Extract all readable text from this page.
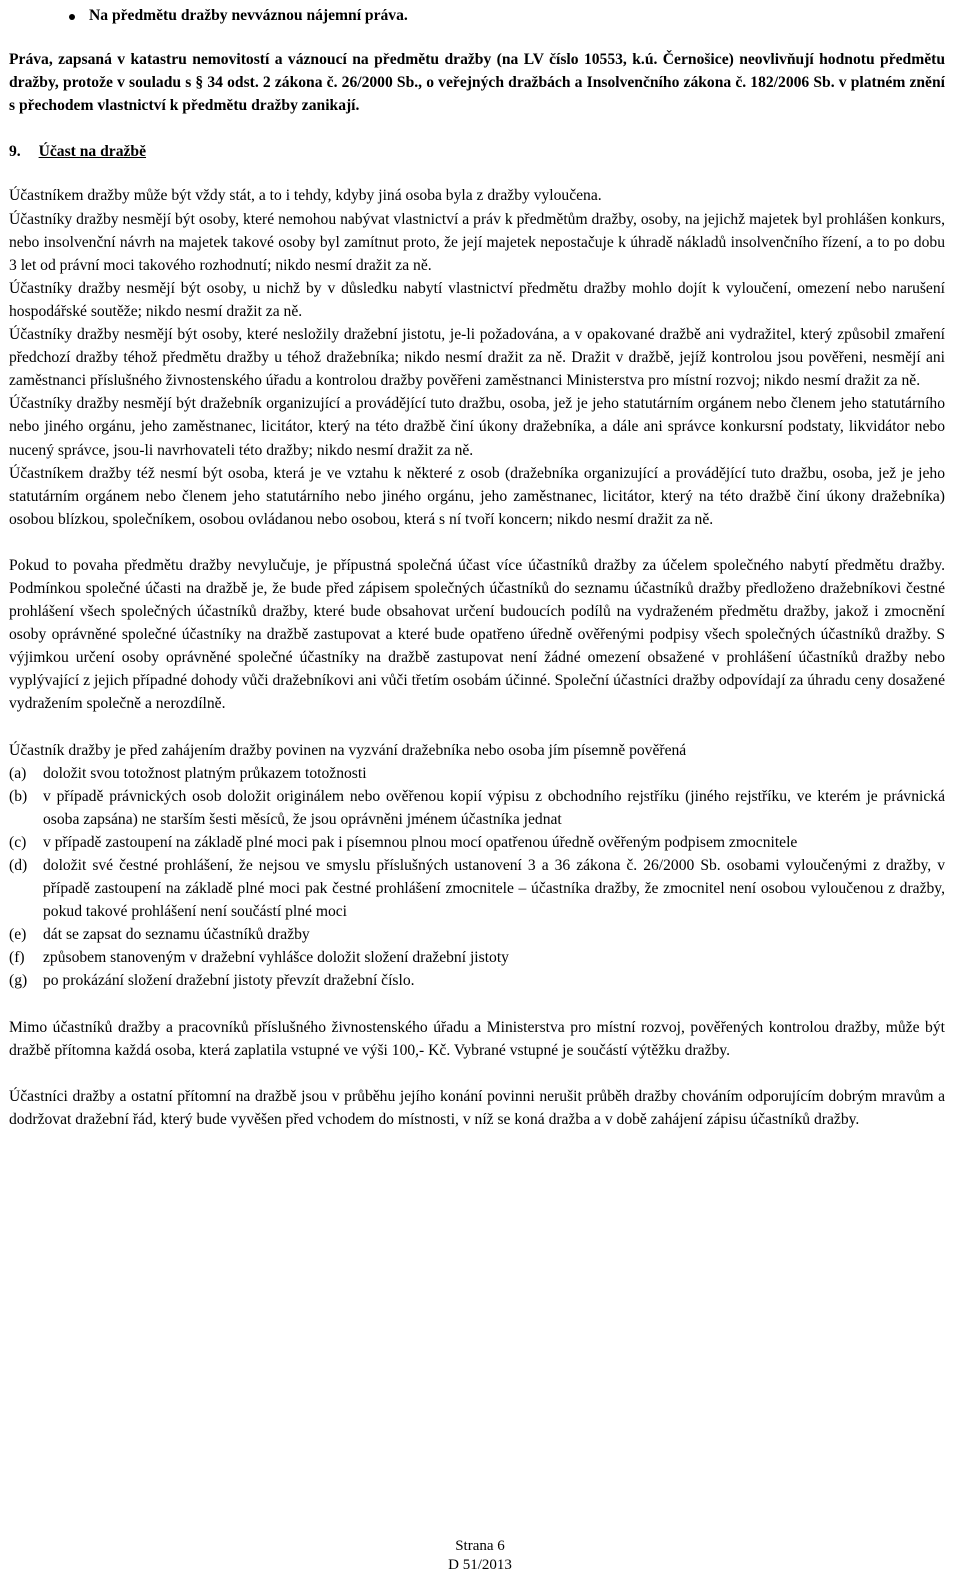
Na předmětu dražby nevváznou nájemní práva.

Práva, zapsaná v katastru nemovitostí a váznoucí na předmětu dražby (na LV číslo 10553, k.ú. Černošice) neovlivňují hodnotu předmětu dražby, protože v souladu s § 34 odst. 2 zákona č. 26/2000 Sb., o veřejných dražbách a Insolvenčního zákona č. 182/2006 Sb. v platném znění s přechodem vlastnictví k předmětu dražby zanikají.

9. Účast na dražbě

Účastníkem dražby může být vždy stát, a to i tehdy, kdyby jiná osoba byla z dražby vyloučena.

Účastníky dražby nesmějí být osoby, které nemohou nabývat vlastnictví a práv k předmětům dražby, osoby, na jejichž majetek byl prohlášen konkurs, nebo insolvenční návrh na majetek takové osoby byl zamítnut proto, že její majetek nepostačuje k úhradě nákladů insolvenčního řízení, a to po dobu 3 let od právní moci takového rozhodnutí; nikdo nesmí dražit za ně.

Účastníky dražby nesmějí být osoby, u nichž by v důsledku nabytí vlastnictví předmětu dražby mohlo dojít k vyloučení, omezení nebo narušení hospodářské soutěže; nikdo nesmí dražit za ně.

Účastníky dražby nesmějí být osoby, které nesložily dražební jistotu, je-li požadována, a v opakované dražbě ani vydražitel, který způsobil zmaření předchozí dražby téhož předmětu dražby u téhož dražebníka; nikdo nesmí dražit za ně. Dražit v dražbě, jejíž kontrolou jsou pověřeni, nesmějí ani zaměstnanci příslušného živnostenského úřadu a kontrolou dražby pověřeni zaměstnanci Ministerstva pro místní rozvoj; nikdo nesmí dražit za ně.

Účastníky dražby nesmějí být dražebník organizující a provádějící tuto dražbu, osoba, jež je jeho statutárním orgánem nebo členem jeho statutárního nebo jiného orgánu, jeho zaměstnanec, licitátor, který na této dražbě činí úkony dražebníka, a dále ani správce konkursní podstaty, likvidátor nebo nucený správce, jsou-li navrhovateli této dražby; nikdo nesmí dražit za ně.

Účastníkem dražby též nesmí být osoba, která je ve vztahu k některé z osob (dražebníka organizující a provádějící tuto dražbu, osoba, jež je jeho statutárním orgánem nebo členem jeho statutárního nebo jiného orgánu, jeho zaměstnanec, licitátor, který na této dražbě činí úkony dražebníka) osobou blízkou, společníkem, osobou ovládanou nebo osobou, která s ní tvoří koncern; nikdo nesmí dražit za ně.

Pokud to povaha předmětu dražby nevylučuje, je přípustná společná účast více účastníků dražby za účelem společného nabytí předmětu dražby. Podmínkou společné účasti na dražbě je, že bude před zápisem společných účastníků do seznamu účastníků dražby předloženo dražebníkovi čestné prohlášení všech společných účastníků dražby, které bude obsahovat určení budoucích podílů na vydraženém předmětu dražby, jakož i zmocnění osoby oprávněné společné účastníky na dražbě zastupovat a které bude opatřeno úředně ověřenými podpisy všech společných účastníků dražby. S výjimkou určení osoby oprávněné společné účastníky na dražbě zastupovat není žádné omezení obsažené v prohlášení účastníků dražby nebo vyplývající z jejich případné dohody vůči dražebníkovi ani vůči třetím osobám účinné. Společní účastníci dražby odpovídají za úhradu ceny dosažené vydražením společně a nerozdílně.

Účastník dražby je před zahájením dražby povinen na vyzvání dražebníka nebo osoba jím písemně pověřená

(a)	doložit svou totožnost platným průkazem totožnosti
(b)	v případě právnických osob doložit originálem nebo ověřenou kopií výpisu z obchodního rejstříku (jiného rejstříku, ve kterém je právnická osoba zapsána) ne starším šesti měsíců, že jsou oprávněni jménem účastníka jednat
(c)	v případě zastoupení na základě plné moci pak i písemnou plnou mocí opatřenou úředně ověřeným podpisem zmocnitele
(d)	doložit své čestné prohlášení, že nejsou ve smyslu příslušných ustanovení 3 a 36 zákona č. 26/2000 Sb. osobami vyloučenými z dražby, v případě zastoupení na základě plné moci pak čestné prohlášení zmocnitele – účastníka dražby, že zmocnitel není osobou vyloučenou z dražby, pokud takové prohlášení není součástí plné moci
(e)	dát se zapsat do seznamu účastníků dražby
(f)	způsobem stanoveným v dražební vyhlášce doložit složení dražební jistoty
(g)	po prokázání složení dražební jistoty převzít dražební číslo.

Mimo účastníků dražby a pracovníků příslušného živnostenského úřadu a Ministerstva pro místní rozvoj, pověřených kontrolou dražby, může být dražbě přítomna každá osoba, která zaplatila vstupné ve výši 100,- Kč. Vybrané vstupné je součástí výtěžku dražby.

Účastníci dražby a ostatní přítomní na dražbě jsou v průběhu jejího konání povinni nerušit průběh dražby chováním odporujícím dobrým mravům a dodržovat dražební řád, který bude vyvěšen před vchodem do místnosti, v níž se koná dražba a v době zahájení zápisu účastníků dražby.

Strana 6
D 51/2013
